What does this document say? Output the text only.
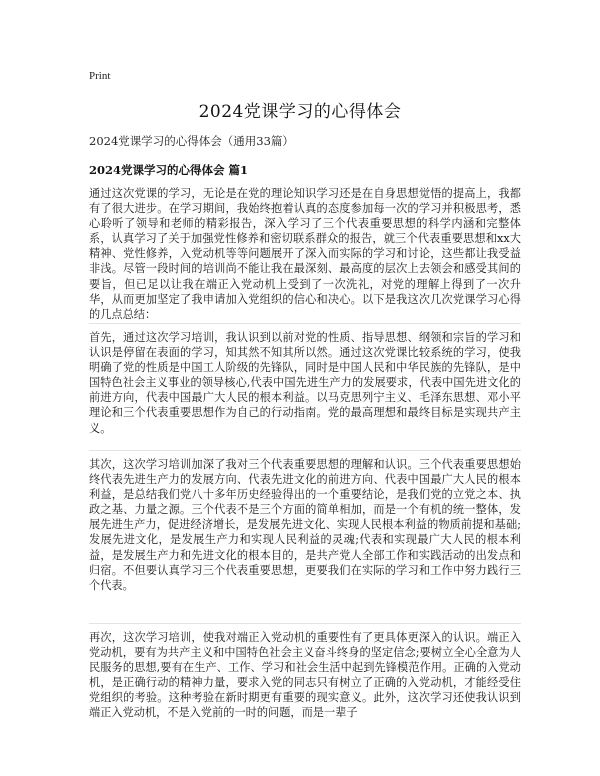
Print
2024党课学习的心得体会
2024党课学习的心得体会（通用33篇）
2024党课学习的心得体会 篇1

通过这次党课的学习，无论是在党的理论知识学习还是在自身思想觉悟的提高上，我都有了很大进步。在学习期间，我始终抱着认真的态度参加每一次的学习并积极思考，悉心聆听了领导和老师的精彩报告，深入学习了三个代表重要思想的科学内涵和完整体系，认真学习了关于加强党性修养和密切联系群众的报告，就三个代表重要思想和xx大精神、党性修养，入党动机等等问题展开了深入而实际的学习和讨论，这些都让我受益非浅。尽管一段时间的培训尚不能让我在最深刻、最高度的层次上去领会和感受其间的要旨，但已足以让我在端正入党动机上受到了一次洗礼，对党的理解上得到了一次升华，从而更加坚定了我申请加入党组织的信心和决心。以下是我这次几次党课学习心得的几点总结：

首先，通过这次学习培训，我认识到以前对党的性质、指导思想、纲领和宗旨的学习和认识是停留在表面的学习，知其然不知其所以然。通过这次党课比较系统的学习，使我明确了党的性质是中国工人阶级的先锋队，同时是中国人民和中华民族的先锋队，是中国特色社会主义事业的领导核心,代表中国先进生产力的发展要求，代表中国先进文化的前进方向，代表中国最广大人民的根本利益。以马克思列宁主义、毛泽东思想、邓小平理论和三个代表重要思想作为自己的行动指南。党的最高理想和最终目标是实现共产主义。

其次，这次学习培训加深了我对三个代表重要思想的理解和认识。三个代表重要思想始终代表先进生产力的发展方向、代表先进文化的前进方向、代表中国最广大人民的根本利益，是总结我们党八十多年历史经验得出的一个重要结论，是我们党的立党之本、执政之基、力量之源。三个代表不是三个方面的简单相加，而是一个有机的统一整体，发展先进生产力，促进经济增长，是发展先进文化、实现人民根本利益的物质前提和基础;发展先进文化，是发展生产力和实现人民利益的灵魂;代表和实现最广大人民的根本利益，是发展生产力和先进文化的根本目的，是共产党人全部工作和实践活动的出发点和归宿。不但要认真学习三个代表重要思想，更要我们在实际的学习和工作中努力践行三个代表。

再次，这次学习培训，使我对端正入党动机的重要性有了更具体更深入的认识。端正入党动机，要有为共产主义和中国特色社会主义奋斗终身的坚定信念;要树立全心全意为人民服务的思想,要有在生产、工作、学习和社会生活中起到先锋模范作用。正确的入党动机，是正确行动的精神力量，要求入党的同志只有树立了正确的入党动机，才能经受住党组织的考验。这种考验在新时期更有重要的现实意义。此外，这次学习还使我认识到端正入党动机，不是入党前的一时的问题，而是一辈子
